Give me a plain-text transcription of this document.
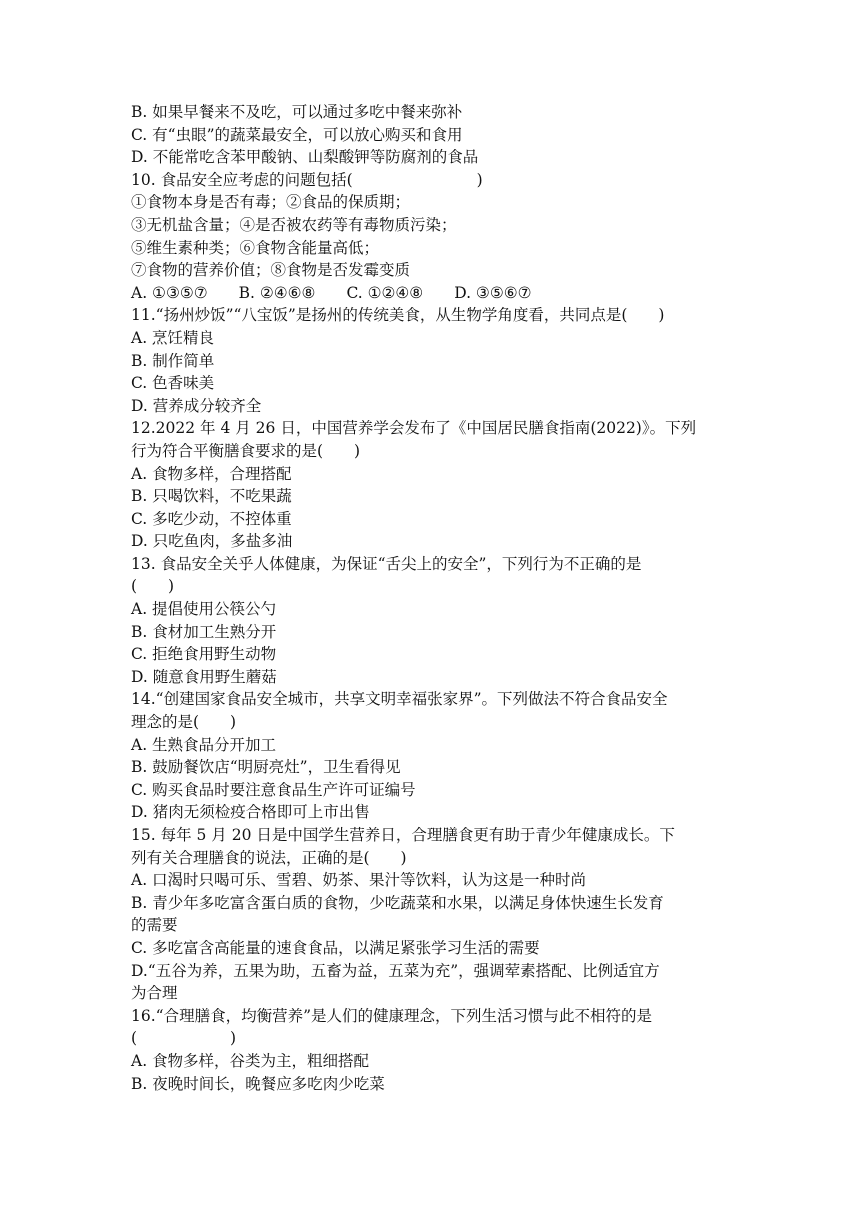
B. 如果早餐来不及吃，可以通过多吃中餐来弥补
C. 有“虫眼”的蔬菜最安全，可以放心购买和食用
D. 不能常吃含苯甲酸钠、山梨酸钾等防腐剂的食品
10. 食品安全应考虑的问题包括(　　　　　　　　)
①食物本身是否有毒；②食品的保质期；
③无机盐含量；④是否被农药等有毒物质污染；
⑤维生素种类；⑥食物含能量高低；
⑦食物的营养价值；⑧食物是否发霉变质
A. ①③⑤⑦　　B. ②④⑥⑧　　C. ①②④⑧　　D. ③⑤⑥⑦
11.“扬州炒饭”“八宝饭”是扬州的传统美食，从生物学角度看，共同点是(　　)
A. 烹饪精良
B. 制作简单
C. 色香味美
D. 营养成分较齐全
12.2022 年 4 月 26 日，中国营养学会发布了《中国居民膳食指南(2022)》。下列
行为符合平衡膳食要求的是(　　)
A. 食物多样，合理搭配
B. 只喝饮料，不吃果蔬
C. 多吃少动，不控体重
D. 只吃鱼肉，多盐多油
13. 食品安全关乎人体健康，为保证“舌尖上的安全”，下列行为不正确的是
(　　)
A. 提倡使用公筷公勺
B. 食材加工生熟分开
C. 拒绝食用野生动物
D. 随意食用野生蘑菇
14.“创建国家食品安全城市，共享文明幸福张家界”。下列做法不符合食品安全
理念的是(　　)
A. 生熟食品分开加工
B. 鼓励餐饮店“明厨亮灶”，卫生看得见
C. 购买食品时要注意食品生产许可证编号
D. 猪肉无须检疫合格即可上市出售
15. 每年 5 月 20 日是中国学生营养日，合理膳食更有助于青少年健康成长。下
列有关合理膳食的说法，正确的是(　　)
A. 口渴时只喝可乐、雪碧、奶茶、果汁等饮料，认为这是一种时尚
B. 青少年多吃富含蛋白质的食物，少吃蔬菜和水果，以满足身体快速生长发育
的需要
C. 多吃富含高能量的速食食品，以满足紧张学习生活的需要
D.“五谷为养，五果为助，五畜为益，五菜为充”，强调荤素搭配、比例适宜方
为合理
16.“合理膳食，均衡营养”是人们的健康理念，下列生活习惯与此不相符的是
(　　　　　　)
A. 食物多样，谷类为主，粗细搭配
B. 夜晚时间长，晚餐应多吃肉少吃菜
